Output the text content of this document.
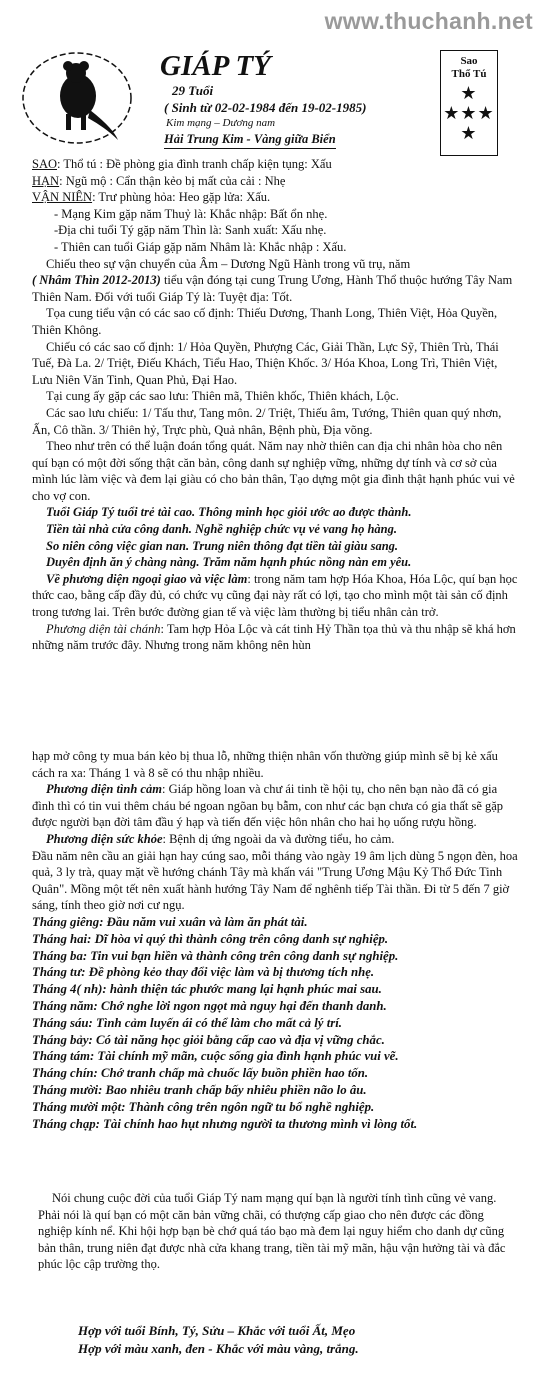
www.thuchanh.net
GIÁP TÝ
29 Tuổi
( Sinh từ 02-02-1984 đến 19-02-1985)
Kim mạng – Dương nam
Hải Trung Kim - Vàng giữa Biển
Sao
Thổ Tú
★
★★★
★

SAO: Thổ tú : Đề phòng gia đình tranh chấp kiện tụng: Xấu

HẠN: Ngũ mộ : Cẩn thận kẻo bị mất của cải : Nhẹ

VẬN NIÊN: Trư phùng hỏa: Heo gặp lửa: Xấu.

- Mạng Kim gặp năm Thuỷ là: Khắc nhập: Bất ổn nhẹ.

-Địa chi tuổi Tý gặp năm Thìn là: Sanh xuất: Xấu nhẹ.

- Thiên can tuổi Giáp gặp năm Nhâm là: Khắc nhập : Xấu.

Chiếu theo sự vận chuyển của Âm – Dương Ngũ Hành trong vũ trụ, năm
( Nhâm Thìn 2012-2013) tiểu vận đóng tại cung Trung Ương, Hành Thổ thuộc hướng Tây Nam Thiên Nam. Đối với tuổi Giáp Tý là: Tuyệt địa: Tốt.

Tọa cung tiểu vận có các sao cố định: Thiếu Dương, Thanh Long, Thiên Việt, Hỏa Quyền, Thiên Không.

Chiếu có các sao cố định: 1/ Hỏa Quyền, Phượng Các, Giải Thần, Lực Sỹ, Thiên Trù, Thái Tuế, Đà La. 2/ Triệt, Điếu Khách, Tiểu Hao, Thiện Khốc. 3/ Hóa Khoa, Long Trì, Thiên Việt, Lưu Niên Văn Tinh, Quan Phủ, Đại Hao.

Tại cung ấy gặp các sao lưu: Thiên mã, Thiên khốc, Thiên khách, Lộc.

Các sao lưu chiếu: 1/ Tấu thư, Tang môn. 2/ Triệt, Thiếu âm, Tướng, Thiên quan quý nhơn, Ấn, Cô thần. 3/ Thiên hỷ, Trực phù, Quả nhân, Bệnh phù, Địa võng.

Theo như trên có thể luận đoán tổng quát. Năm nay nhờ thiên can địa chi nhân hòa cho nên quí bạn có một đời sống thật căn bản, công danh sự nghiệp vững, những dự tính và cơ sở của mình lúc làm việc và đem lại giàu có cho bản thân, Tạo dựng một gia đình thật hạnh phúc vui vẻ cho vợ con.

Tuổi Giáp Tý tuổi trẻ tài cao. Thông minh học giỏi ước ao được thành.

Tiền tài nhà cửa công danh. Nghề nghiệp chức vụ vẻ vang họ hàng.

So niên công việc gian nan. Trung niên thông đạt tiền tài giàu sang.

Duyên định ăn ý chàng nàng. Trăm năm hạnh phúc nồng nàn em yêu.

Về phương diện ngoại giao và việc làm: trong năm tam hợp Hóa Khoa, Hóa Lộc, quí bạn học thức cao, bằng cấp đầy đủ, có chức vụ cũng đại này rất có lợi, tạo cho mình một tài sản cố định trong tương lai. Trên bước đường gian tế và việc làm thường bị tiểu nhân cản trở.

Phương diện tài chánh: Tam hợp Hỏa Lộc và cát tinh Hỷ Thần tọa thủ và thu nhập sẽ khá hơn những năm trước đây. Nhưng trong năm không nên hùn

hạp mở công ty mua bán kẻo bị thua lỗ, những thiện nhân vốn thường giúp mình sẽ bị kẻ xấu cách ra xa: Tháng 1 và 8 sẽ có thu nhập nhiều.

Phương diện tình cảm: Giáp hồng loan và chư ái tinh tề hội tụ, cho nên bạn nào đã có gia đình thì có tin vui thêm cháu bé ngoan ngõan bụ bẫm, con như các bạn chưa có gia thất sẽ gặp được người bạn đời tâm đầu ý hạp và tiến đến việc hôn nhân cho hai họ uống rượu hồng.

Phương diện sức khỏe: Bệnh dị ứng ngoài da và đường tiểu, ho cảm.

Đầu năm nên cầu an giải hạn hay cúng sao, mỗi tháng vào ngày 19 âm lịch dùng 5 ngọn đèn, hoa quả, 3 ly trà, quay mặt về hướng chánh Tây mà khấn vái "Trung Ương Mậu Kỷ Thổ Đức Tinh Quân". Mồng một tết nên xuất hành hướng Tây Nam để nghênh tiếp Tài thần. Đi từ 5 đến 7 giờ sáng, tính theo giờ nơi cư ngụ.

Tháng giêng: Đầu năm vui xuân và làm ăn phát tài.

Tháng hai: Dĩ hòa vi quý thì thành công trên công danh sự nghiệp.

Tháng ba: Tin vui bạn hiền và thành công trên công danh sự nghiệp.

Tháng tư: Đề phòng kẻo thay đổi việc làm và bị thương tích nhẹ.

Tháng 4( nh): hành thiện tác phước mang lại hạnh phúc mai sau.

Tháng năm: Chớ nghe lời ngon ngọt mà nguy hại đến thanh danh.

Tháng sáu: Tình cảm luyến ái có thể làm cho mất cả lý trí.

Tháng bảy: Có tài năng học giỏi bằng cấp cao và địa vị vững chắc.

Tháng tám: Tài chính mỹ mãn, cuộc sống gia đình hạnh phúc vui vẽ.

Tháng chín: Chớ tranh chấp mà chuốc lấy buồn phiền hao tốn.

Tháng mười: Bao nhiêu tranh chấp bấy nhiêu phiền não lo âu.

Tháng mười một: Thành công trên ngôn ngữ tu bổ nghề nghiệp.

Tháng chạp: Tài chính hao hụt nhưng người ta thương mình vì lòng tốt.

Nói chung cuộc đời của tuổi Giáp Tý nam mạng quí bạn là người tính tình cũng vẻ vang. Phải nói là quí bạn có một căn bản vững chãi, có thượng cấp giao cho nên được các đồng nghiệp kính nể. Khi hội hợp bạn bè chớ quá táo bạo mà đem lại nguy hiểm cho danh dự cũng bản thân, trung niên đạt được nhà cửa khang trang, tiền tài mỹ mãn, hậu vận hưởng tài và đắc phúc lộc cập trường thọ.

Hợp với tuổi Bính, Tý, Sửu – Khắc với tuổi Ất, Mẹo

Hợp với màu xanh, đen - Khắc với màu vàng, trắng.
